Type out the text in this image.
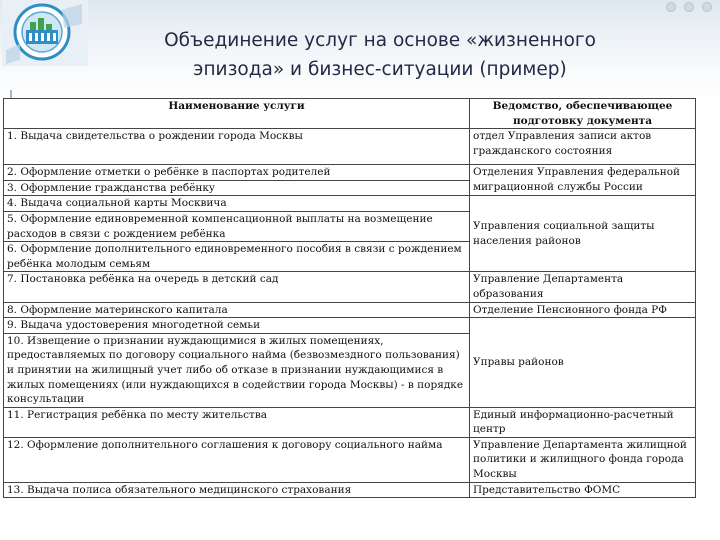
Объединение услуг на основе «жизненного
эпизода» и бизнес-ситуации (пример)
Наименование услуги	Ведомство, обеспечивающее подготовку документа
1. Выдача свидетельства о рождении города Москвы	отдел Управления записи актов гражданского состояния
2. Оформление отметки о ребёнке в паспортах родителей	Отделения Управления федеральной миграционной службы России
3. Оформление гражданства ребёнку	
4. Выдача социальной карты Москвича	Управления социальной защиты населения районов
5. Оформление единовременной компенсационной выплаты на возмещение расходов в связи с рождением ребёнка	
6. Оформление дополнительного единовременного пособия в связи с рождением ребёнка молодым семьям	
7. Постановка ребёнка на очередь в детский сад	Управление Департамента образования
8. Оформление материнского капитала	Отделение Пенсионного фонда РФ
9. Выдача удостоверения многодетной семьи	Управы районов
10. Извещение о признании нуждающимися в жилых помещениях, предоставляемых по договору социального найма (безвозмездного пользования) и принятии на жилищный учет либо об отказе в признании нуждающимися в жилых помещениях (или нуждающихся в содействии города Москвы) - в порядке консультации	
11. Регистрация ребёнка по месту жительства	Единый информационно-расчетный центр
12. Оформление дополнительного соглашения к договору социального найма	Управление Департамента жилищной политики и жилищного фонда города Москвы
13. Выдача полиса обязательного медицинского страхования	Представительство ФОМС
